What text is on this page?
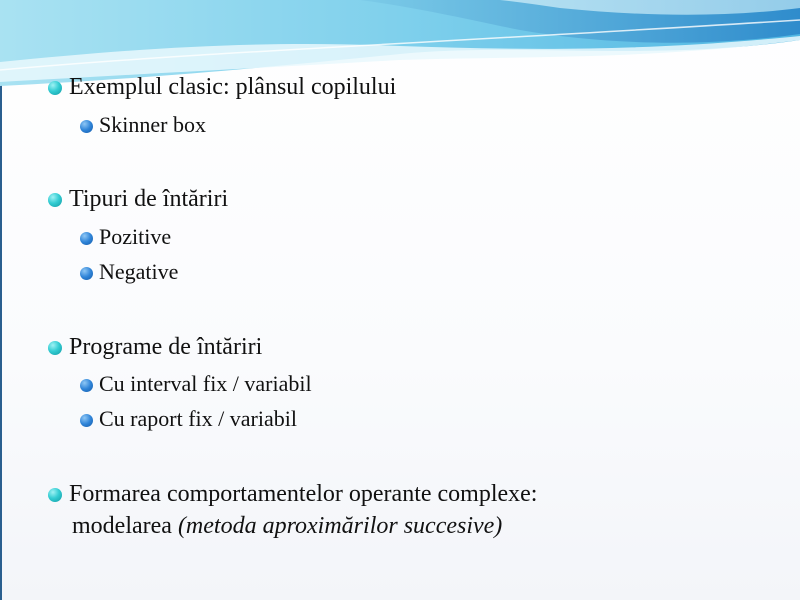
Exemplul clasic: plânsul copilului
Skinner box
Tipuri de întăriri
Pozitive
Negative
Programe de întăriri
Cu interval fix / variabil
Cu raport fix / variabil
Formarea comportamentelor operante complexe:
modelarea (metoda aproximărilor succesive)
